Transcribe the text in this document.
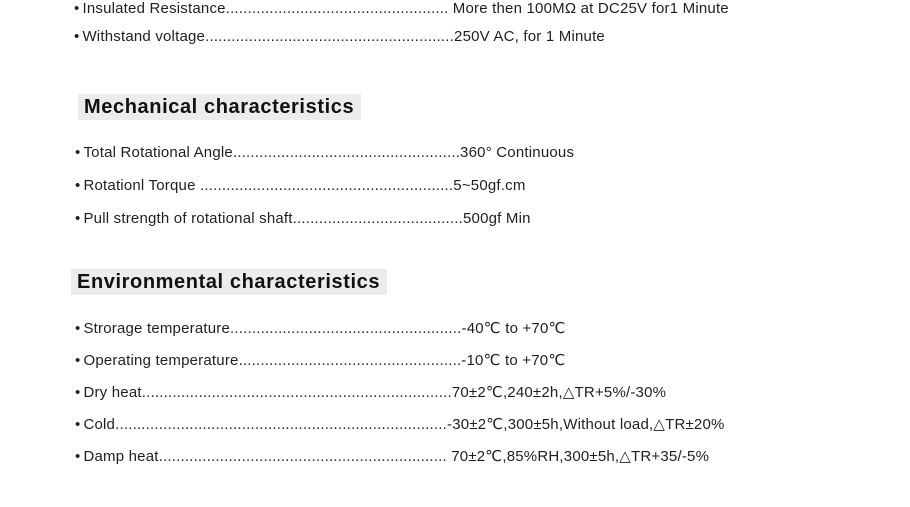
• Insulated Resistance................................................... More then 100MΩ at DC25V for1 Minute
• Withstand voltage.........................................................250V AC, for 1 Minute
Mechanical characteristics
• Total Rotational Angle....................................................360° Continuous
• Rotationl Torque ..........................................................5~50gf.cm
• Pull strength of rotational shaft.......................................500gf Min
Environmental characteristics
• Strorage temperature.....................................................-40℃ to +70℃
• Operating temperature...................................................-10℃ to +70℃
• Dry heat.......................................................................70±2℃,240±2h,△TR+5%/-30%
• Cold............................................................................-30±2℃,300±5h,Without load,△TR±20%
• Damp heat.................................................................. 70±2℃,85%RH,300±5h,△TR+35/-5%
